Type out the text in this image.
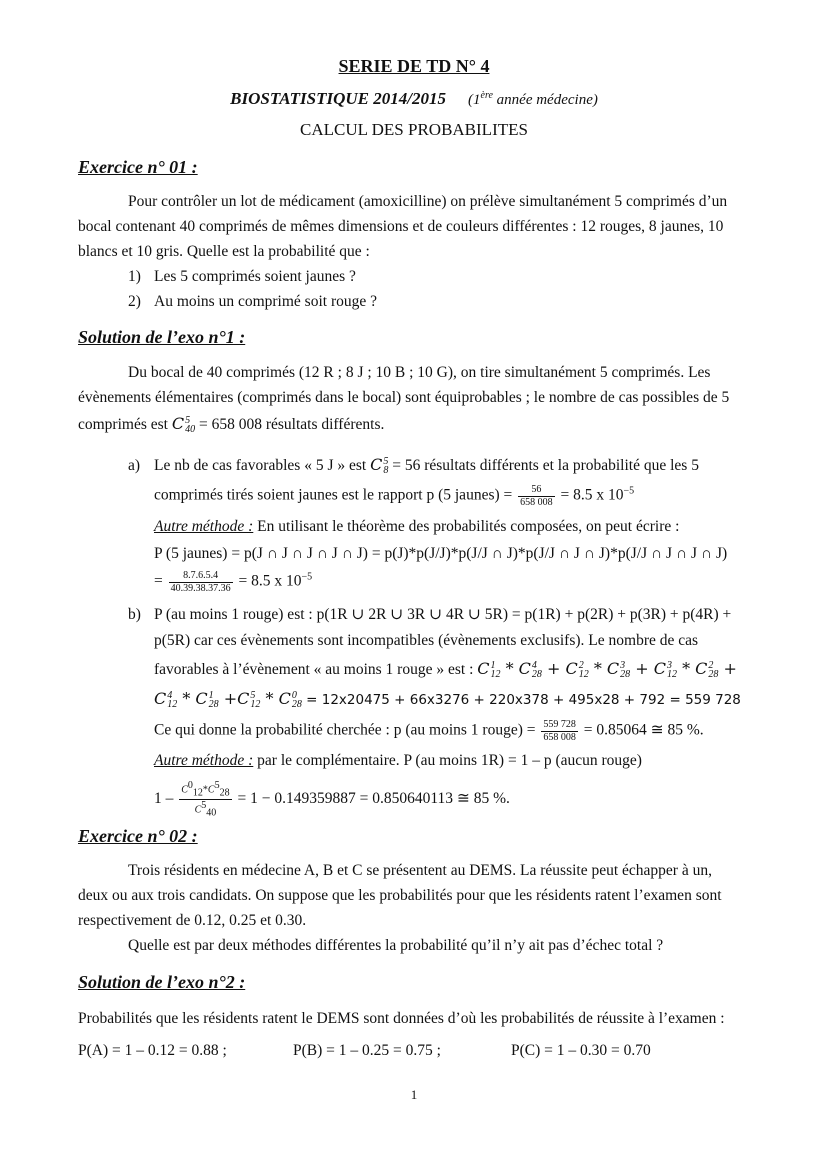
SERIE DE TD N° 4
BIOSTATISTIQUE 2014/2015 (1ère année médecine)
CALCUL DES PROBABILITES
Exercice n° 01 :
Pour contrôler un lot de médicament (amoxicilline) on prélève simultanément 5 comprimés d’un
bocal contenant 40 comprimés de mêmes dimensions et de couleurs différentes : 12 rouges, 8 jaunes, 10
blancs et 10 gris. Quelle est la probabilité que :
1) Les 5 comprimés soient jaunes ?
2) Au moins un comprimé soit rouge ?
Solution de l’exo n°1 :
Du bocal de 40 comprimés (12 R ; 8 J ; 10 B ; 10 G), on tire simultanément 5 comprimés. Les
évènements élémentaires (comprimés dans le bocal) sont équiprobables ; le nombre de cas possibles de 5
comprimés est C 5
40 = 658 008 résultats différents.
a) Le nb de cas favorables « 5 J » est C 5
8 = 56 résultats différents et la probabilité que les 5
comprimés tirés soient jaunes est le rapport p (5 jaunes) = $\frac{56}{658 008} = 8.5$ x $10^{-5}$
Autre méthode : En utilisant le théorème des probabilités composées, on peut écrire :
P (5 jaunes) = p(J ∩ J ∩ J ∩ J ∩ J) = p(J)*p(J/J)*p(J/J ∩ J)*p(J/J ∩ J ∩ J)*p(J/J ∩ J ∩ J ∩ J)
= $\frac{8.7.6.5.4}{40.39.38.37.36} = 8.5$ x $10^{-5}$
b) P (au moins 1 rouge) est : p(1R ∪ 2R ∪ 3R ∪ 4R ∪ 5R) = p(1R) + p(2R) + p(3R) + p(4R) +
p(5R) car ces évènements sont incompatibles (évènements exclusifs). Le nombre de cas
favorables à l’évènement « au moins 1 rouge » est : C 1
12 * C 4
28 + C 2
12 * C 3
28 + C 3
12 * C 2
28 +
C 4
12 * C 1
28 +C 5
12 * C 0
28 = 12x20475 + 66x3276 + 220x378 + 495x28 + 792 = 559 728
Ce qui donne la probabilité cherchée : p (au moins 1 rouge) = $\frac{559 728}{658 008} = 0.85064$ ≅ 85 %.
Autre méthode : par le complémentaire. P (au moins 1R) = 1 – p (aucun rouge)
$1 - \frac{C^0_{12}*C^5_{28}}{C^5_{40}} = 1 - 0.149359887 = 0.850640113$ ≅ 85 %.
Exercice n° 02 :
Trois résidents en médecine A, B et C se présentent au DEMS. La réussite peut échapper à un,
deux ou aux trois candidats. On suppose que les probabilités pour que les résidents ratent l’examen sont
respectivement de 0.12, 0.25 et 0.30.
Quelle est par deux méthodes différentes la probabilité qu’il n’y ait pas d’échec total ?
Solution de l’exo n°2 :
Probabilités que les résidents ratent le DEMS sont données d’où les probabilités de réussite à l’examen :
P(A) = 1 – 0.12 = 0.88 ;	P(B) = 1 – 0.25 = 0.75 ;	P(C) = 1 – 0.30 = 0.70
1
